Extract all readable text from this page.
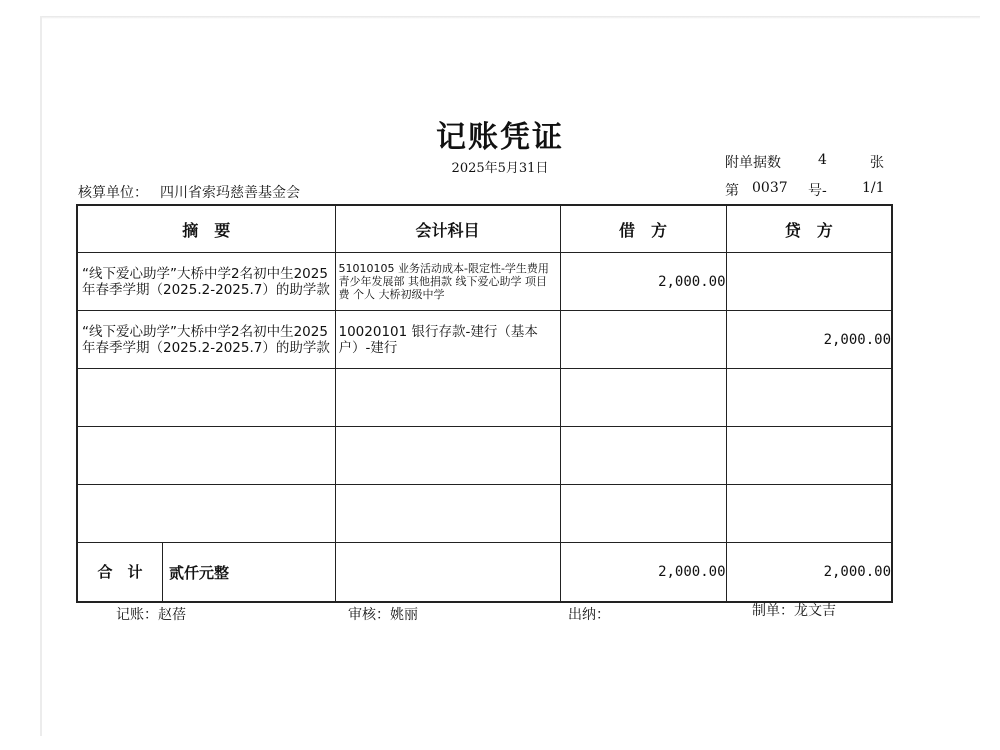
记账凭证
2025年5月31日	附单据数	4	张
核算单位： 四川省索玛慈善基金会	第 0037 号-	1/1
摘　要	会计科目	借　方	贷　方

“线下爱心助学”大桥中学2名初中生2025年春季学期（2025.2-2025.7）的助学款	51010105 业务活动成本-限定性-学生费用 青少年发展部 其他捐款 线下爱心助学 项目费 个人 大桥初级中学	2,000.00	

“线下爱心助学”大桥中学2名初中生2025年春季学期（2025.2-2025.7）的助学款	10020101 银行存款-建行（基本户）-建行		2,000.00

合　计 贰仟元整		2,000.00	2,000.00
记账：赵蓓	审核：姚丽	出纳：	制单：龙文吉
